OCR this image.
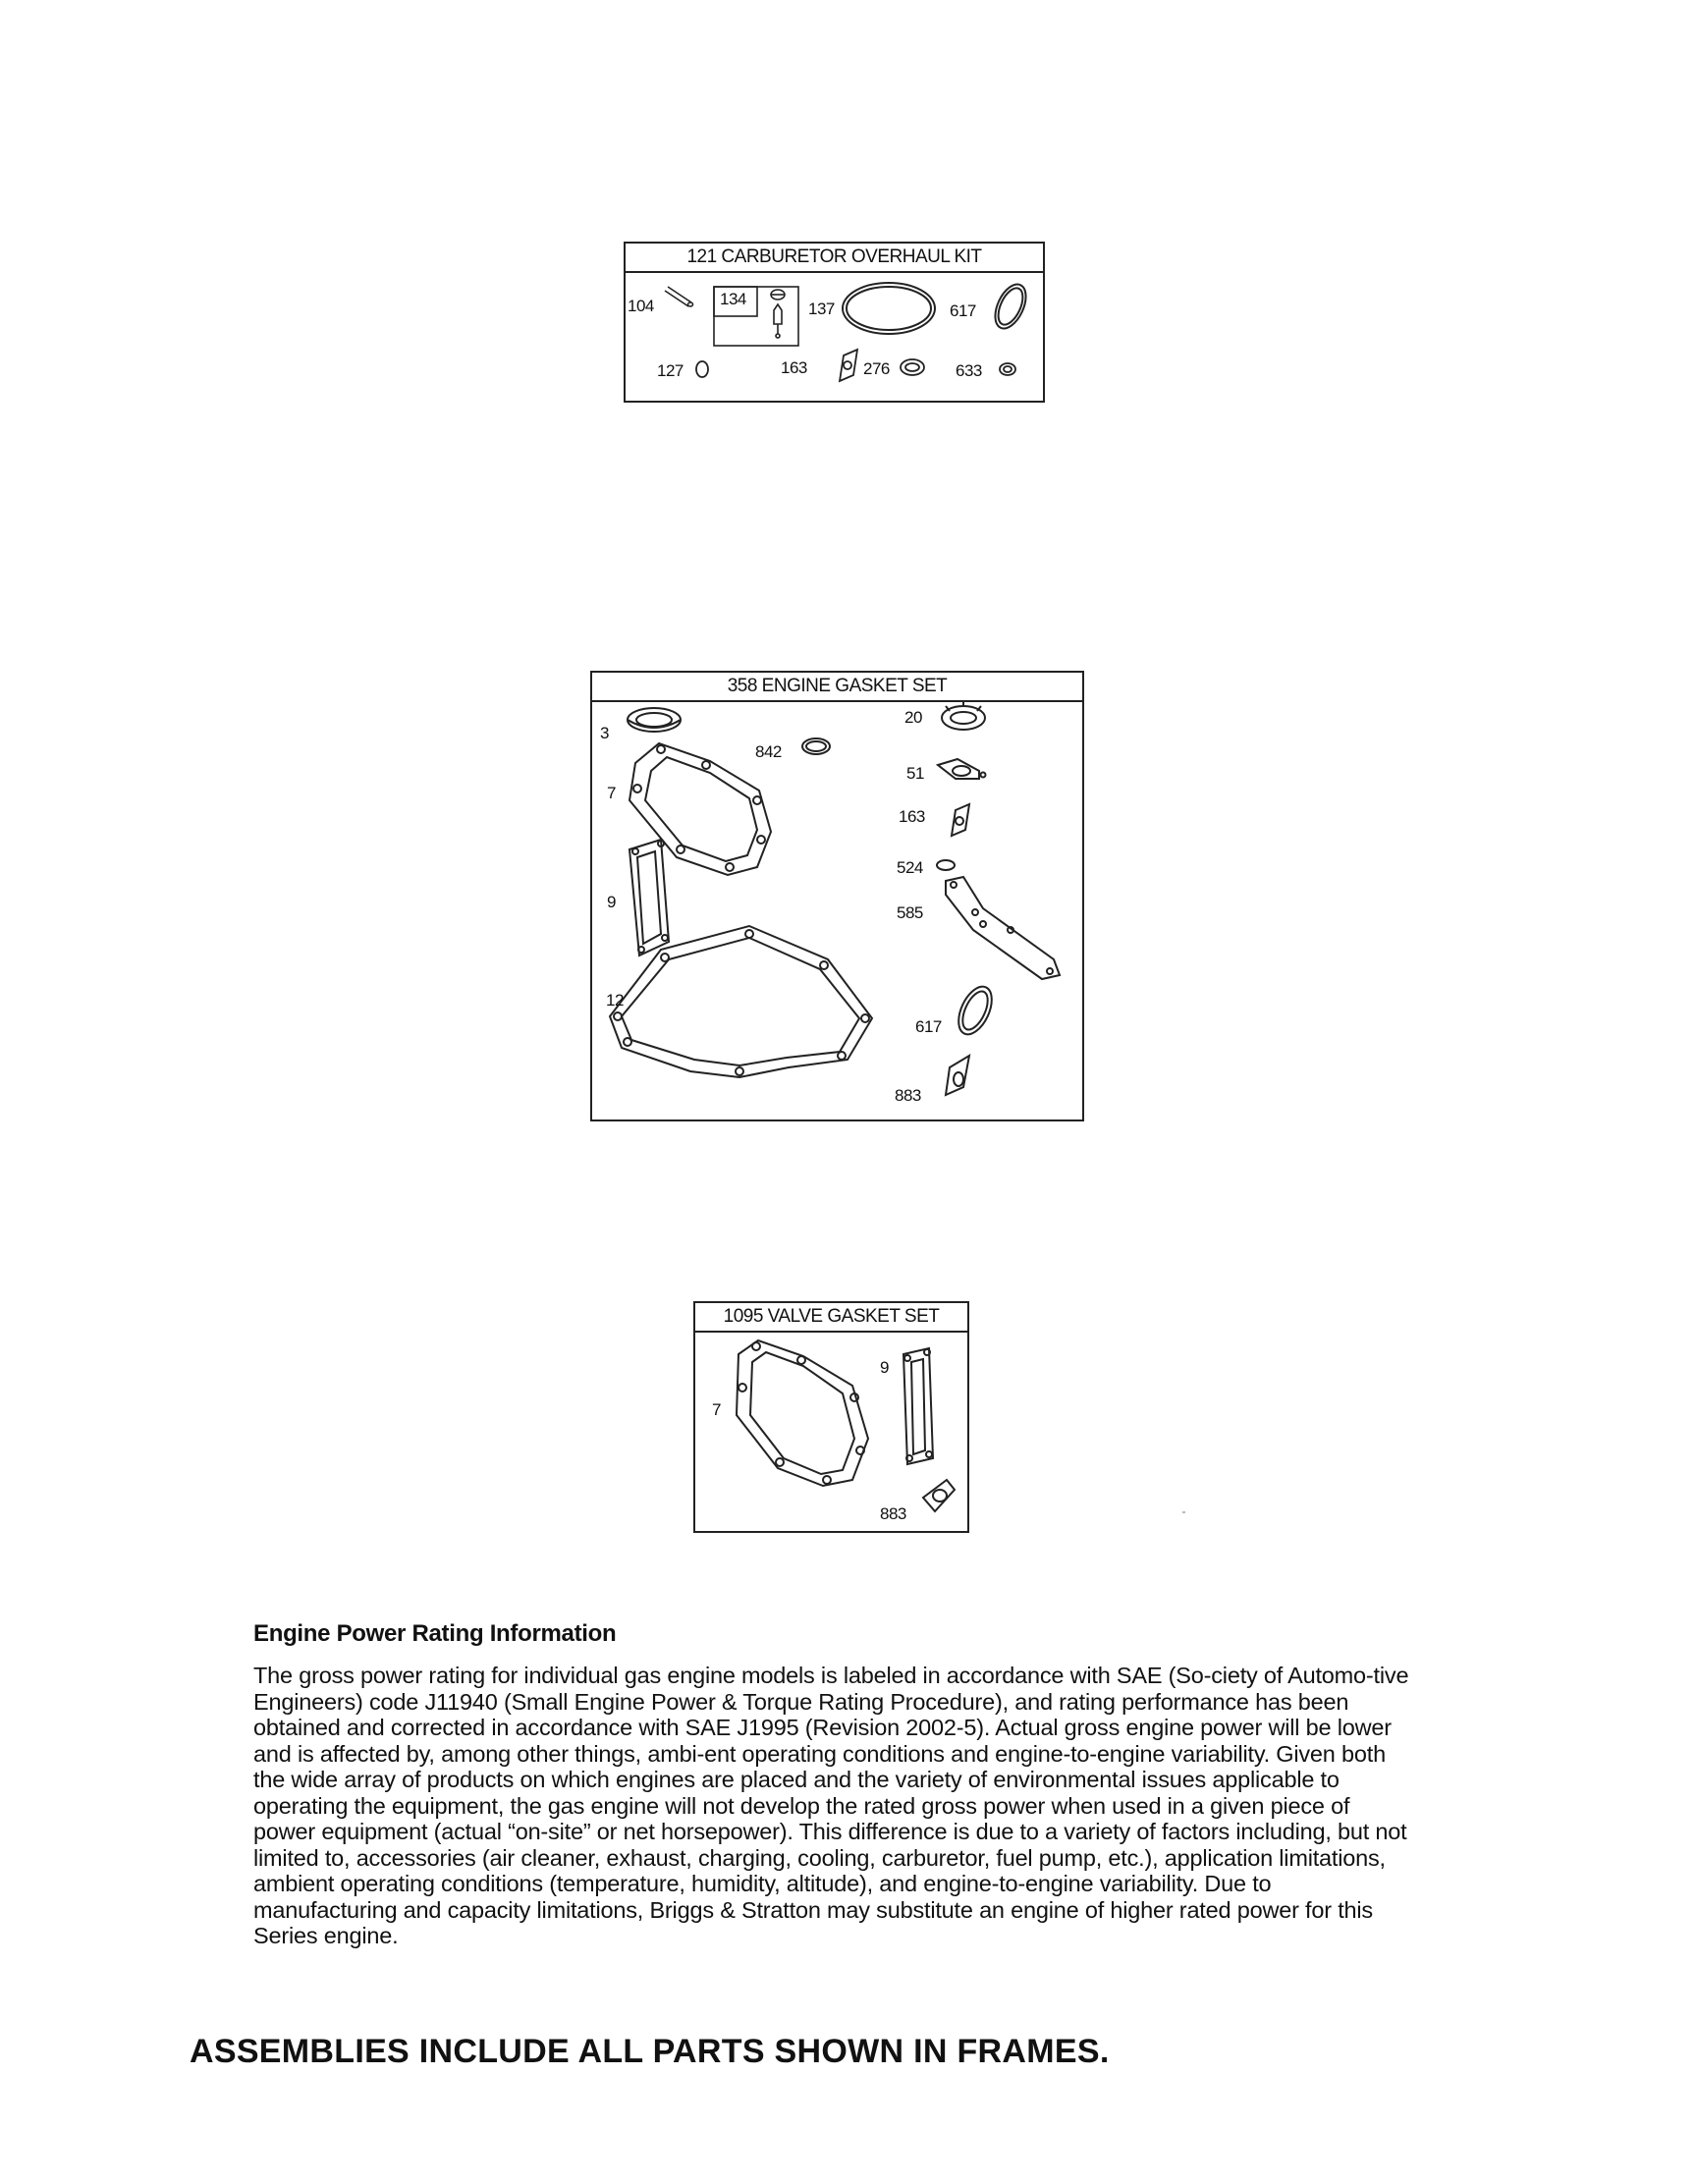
121 CARBURETOR OVERHAUL KIT
104	134
137	617
127	163	276	633
358 ENGINE GASKET SET
3
842
7
9
12
20
51
163
524
585
617
883
1095 VALVE GASKET SET
7
9
883
Engine Power Rating Information

The gross power rating for individual gas engine models is labeled in accordance with SAE (So-ciety of Automo-tive Engineers) code J11940 (Small Engine Power & Torque Rating Procedure), and rating performance has been obtained and corrected in accordance with SAE J1995 (Revision 2002-5). Actual gross engine power will be lower and is affected by, among other things, ambi-ent operating conditions and engine-to-engine variability. Given both the wide array of products on which engines are placed and the variety of environmental issues applicable to operating the equipment, the gas engine will not develop the rated gross power when used in a given piece of power equipment (actual “on-site” or net horsepower). This difference is due to a variety of factors including, but not limited to, accessories (air cleaner, exhaust, charging, cooling, carburetor, fuel pump, etc.), application limitations, ambient operating conditions (temperature, humidity, altitude), and engine-to-engine variability. Due to manufacturing and capacity limitations, Briggs & Stratton may substitute an engine of higher rated power for this Series engine.

ASSEMBLIES INCLUDE ALL PARTS SHOWN IN FRAMES.
